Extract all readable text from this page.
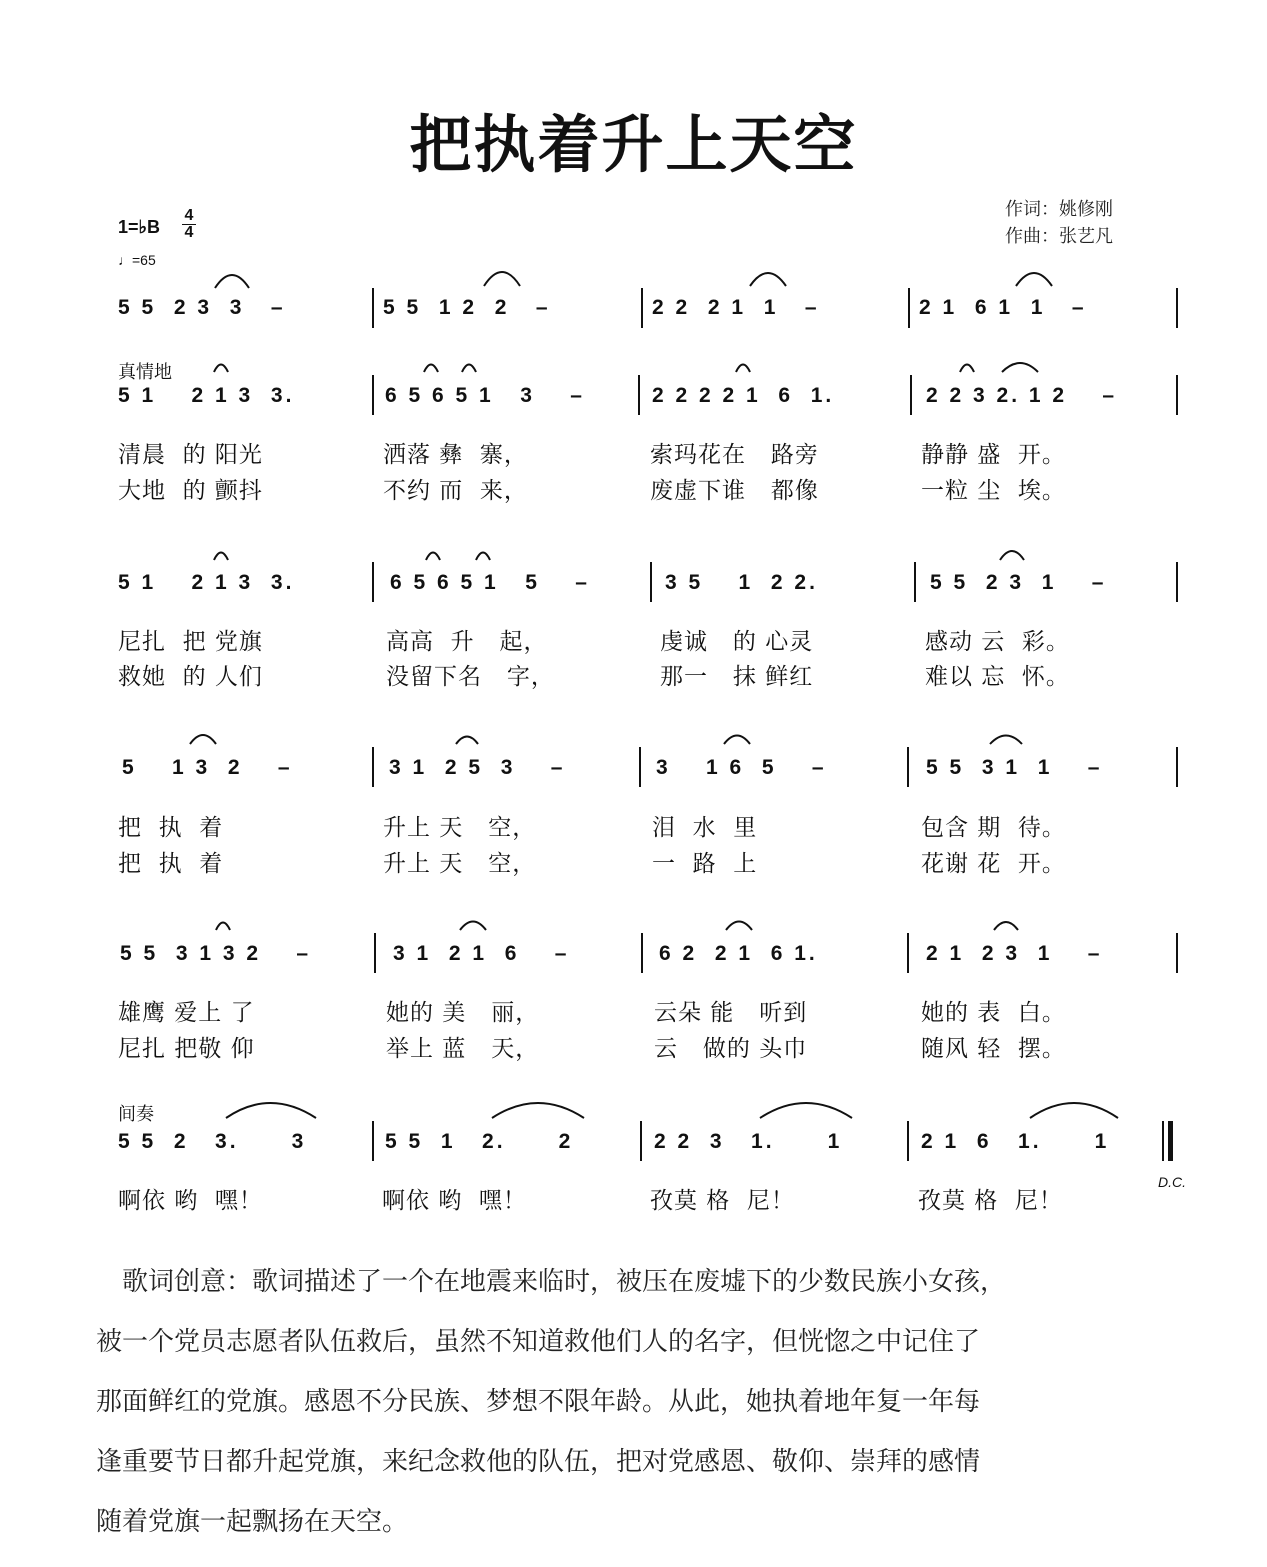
把执着升上天空
作词：姚修刚
作曲：张艺凡
1=♭B
4
4
♩=65
5 5  2 3  3   –	5 5  1 2  2   –	2 2  2 1  1   –	2 1  6 1  1   –
真情地
5 1    2 1 3  3.	6 5 6 5 1   3    –	2 2 2 2 1  6  1.	2 2 3 2. 1 2    –
清晨  的 阳光	洒落 彝  寨，	索玛花在   路旁	静静 盛  开。
大地  的 颤抖	不约 而  来，	废虚下谁   都像	一粒 尘  埃。
5 1    2 1 3  3.	6 5 6 5 1   5    –	3 5    1  2 2.	5 5  2 3  1    –
尼扎  把 党旗	高高  升   起，	虔诚   的 心灵	感动 云  彩。
救她  的 人们	没留下名   字，	那一   抹 鲜红	难以 忘  怀。
5    1 3  2    –	3 1  2 5  3    –	3    1 6  5    –	5 5  3 1  1    –
把  执  着	升上 天   空，	泪  水  里	包含 期  待。
把  执  着	升上 天   空，	一  路  上	花谢 花  开。
5 5  3 1 3 2    –	3 1  2 1  6    –	6 2  2 1  6 1.	2 1  2 3  1    –
雄鹰 爱上 了	她的 美   丽，	云朵 能   听到	她的 表  白。
尼扎 把敬 仰	举上 蓝   天，	云   做的 头巾	随风 轻  摆。
间奏
5 5  2   3.      3	5 5  1   2.      2	2 2  3   1.      1	2 1  6   1.      1
D.C.
啊依 哟  嘿！	啊依 哟  嘿！	孜莫 格  尼！	孜莫 格  尼！
歌词创意：歌词描述了一个在地震来临时，被压在废墟下的少数民族小女孩，
被一个党员志愿者队伍救后，虽然不知道救他们人的名字，但恍惚之中记住了
那面鲜红的党旗。感恩不分民族、梦想不限年龄。从此，她执着地年复一年每
逢重要节日都升起党旗，来纪念救他的队伍，把对党感恩、敬仰、崇拜的感情
随着党旗一起飘扬在天空。
